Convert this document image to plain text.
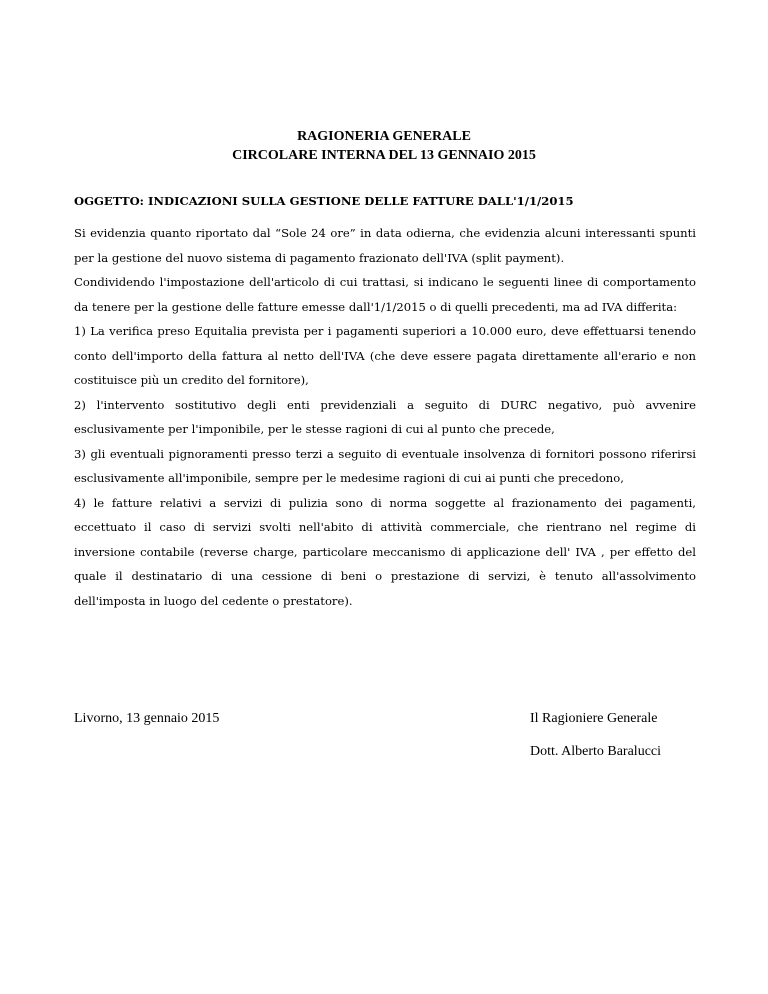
RAGIONERIA GENERALE
CIRCOLARE INTERNA DEL 13 GENNAIO 2015
OGGETTO: INDICAZIONI SULLA GESTIONE DELLE FATTURE DALL'1/1/2015

Si evidenzia quanto riportato dal “Sole 24 ore” in data odierna, che evidenzia alcuni interessanti spunti per la gestione del nuovo sistema di pagamento frazionato dell'IVA (split payment).

Condividendo l'impostazione dell'articolo di cui trattasi, si indicano le seguenti linee di comportamento da tenere per la gestione delle fatture emesse dall'1/1/2015 o di quelli precedenti, ma ad IVA differita:

1) La verifica preso Equitalia prevista per i pagamenti superiori a 10.000 euro, deve effettuarsi tenendo conto dell'importo della fattura al netto dell'IVA (che deve essere pagata direttamente all'erario e non costituisce più un credito del fornitore),

2) l'intervento sostitutivo degli enti previdenziali a seguito di DURC negativo, può avvenire esclusivamente per l'imponibile, per le stesse ragioni di cui al punto che precede,

3) gli eventuali pignoramenti presso terzi a seguito di eventuale insolvenza di fornitori possono riferirsi esclusivamente all'imponibile, sempre per le medesime ragioni di cui ai punti che precedono,

4) le fatture relativi a servizi di pulizia sono di norma soggette al frazionamento dei pagamenti, eccettuato il caso di servizi svolti nell'abito di attività commerciale, che rientrano nel regime di inversione contabile (reverse charge, particolare meccanismo di applicazione dell' IVA , per effetto del quale il destinatario di una cessione di beni o prestazione di servizi, è tenuto all'assolvimento dell'imposta in luogo del cedente o prestatore).

Livorno, 13 gennaio 2015	Il Ragioniere Generale
Dott. Alberto Baralucci
